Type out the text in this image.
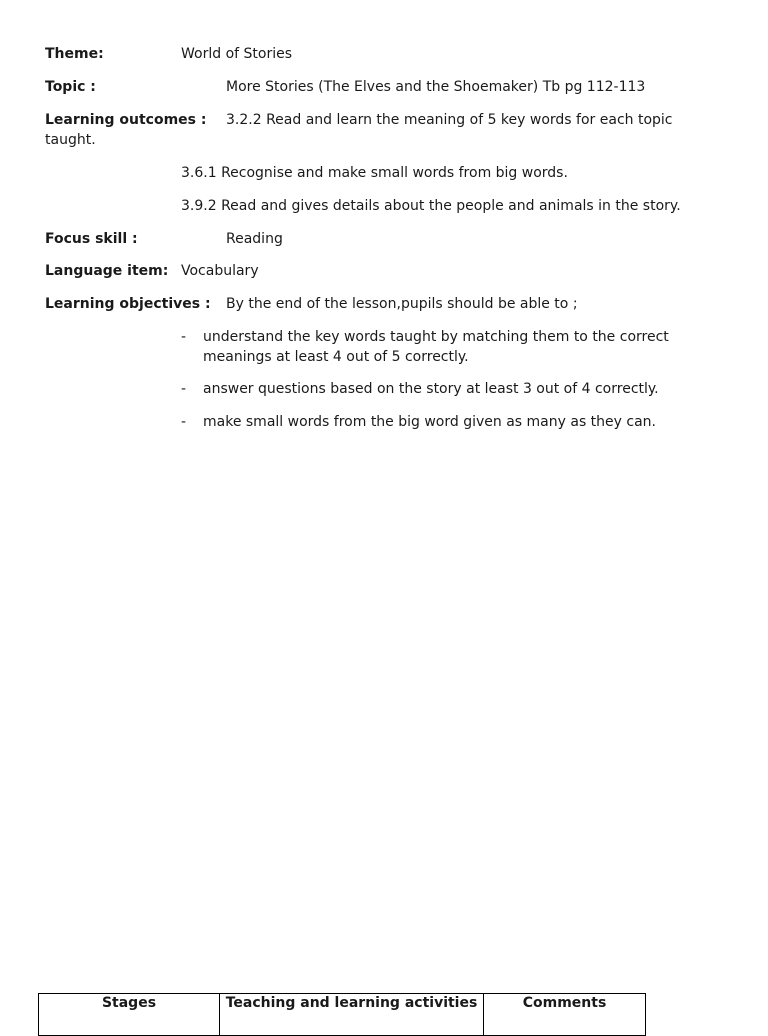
Theme:	World of Stories
Topic :	More Stories (The Elves and the Shoemaker) Tb pg 112-113
Learning outcomes : 3.2.2 Read and learn the meaning of 5 key words for each topic
taught.
3.6.1 Recognise and make small words from big words.
3.9.2 Read and gives details about the people and animals in the story.
Focus skill :	Reading
Language item: Vocabulary
Learning objectives : By the end of the lesson,pupils should be able to ;
- understand the key words taught by matching them to the correct
meanings at least 4 out of 5 correctly.
- answer questions based on the story at least 3 out of 4 correctly.
- make small words from the big word given as many as they can.
Stages	Teaching and learning activities	Comments
